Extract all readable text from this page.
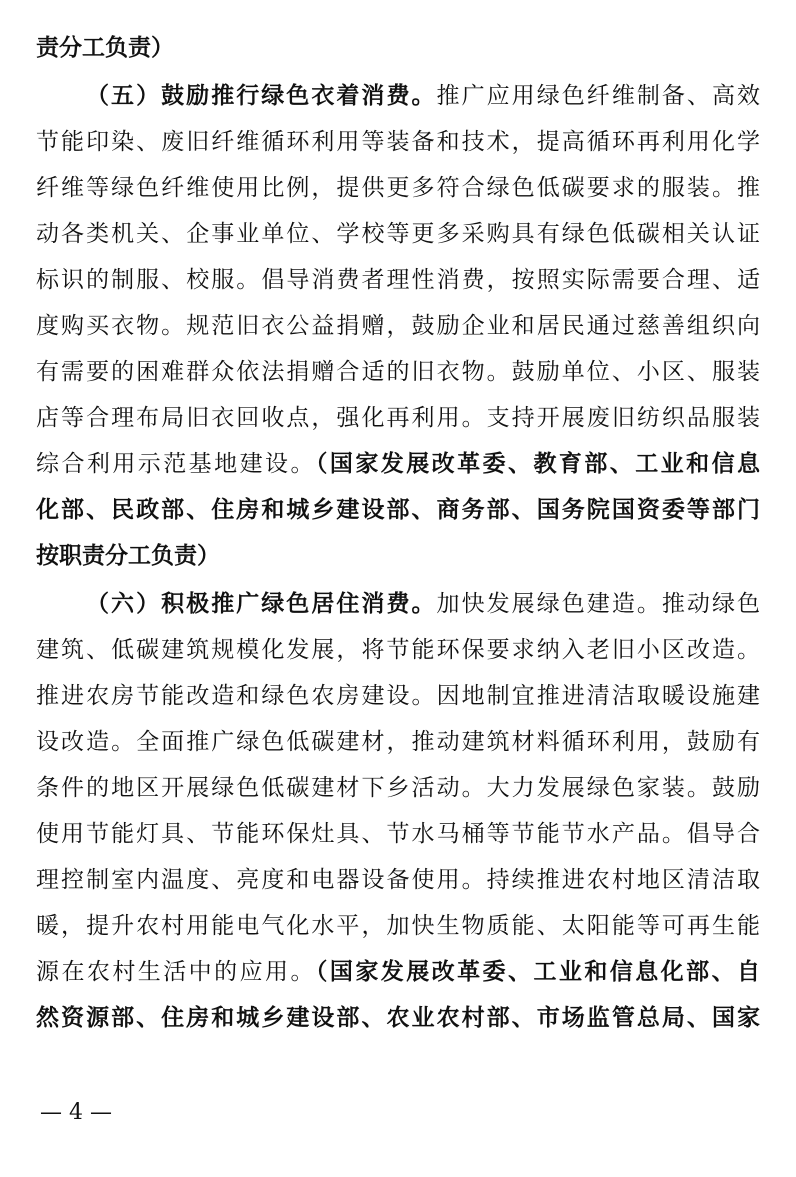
责分工负责）
（五）鼓励推行绿色衣着消费。推广应用绿色纤维制备、高效
节能印染、废旧纤维循环利用等装备和技术，提高循环再利用化学
纤维等绿色纤维使用比例，提供更多符合绿色低碳要求的服装。推
动各类机关、企事业单位、学校等更多采购具有绿色低碳相关认证
标识的制服、校服。倡导消费者理性消费，按照实际需要合理、适
度购买衣物。规范旧衣公益捐赠，鼓励企业和居民通过慈善组织向
有需要的困难群众依法捐赠合适的旧衣物。鼓励单位、小区、服装
店等合理布局旧衣回收点，强化再利用。支持开展废旧纺织品服装
综合利用示范基地建设。（国家发展改革委、教育部、工业和信息
化部、民政部、住房和城乡建设部、商务部、国务院国资委等部门
按职责分工负责）
（六）积极推广绿色居住消费。加快发展绿色建造。推动绿色
建筑、低碳建筑规模化发展，将节能环保要求纳入老旧小区改造。
推进农房节能改造和绿色农房建设。因地制宜推进清洁取暖设施建
设改造。全面推广绿色低碳建材，推动建筑材料循环利用，鼓励有
条件的地区开展绿色低碳建材下乡活动。大力发展绿色家装。鼓励
使用节能灯具、节能环保灶具、节水马桶等节能节水产品。倡导合
理控制室内温度、亮度和电器设备使用。持续推进农村地区清洁取
暖，提升农村用能电气化水平，加快生物质能、太阳能等可再生能
源在农村生活中的应用。（国家发展改革委、工业和信息化部、自
然资源部、住房和城乡建设部、农业农村部、市场监管总局、国家
— 4 —
